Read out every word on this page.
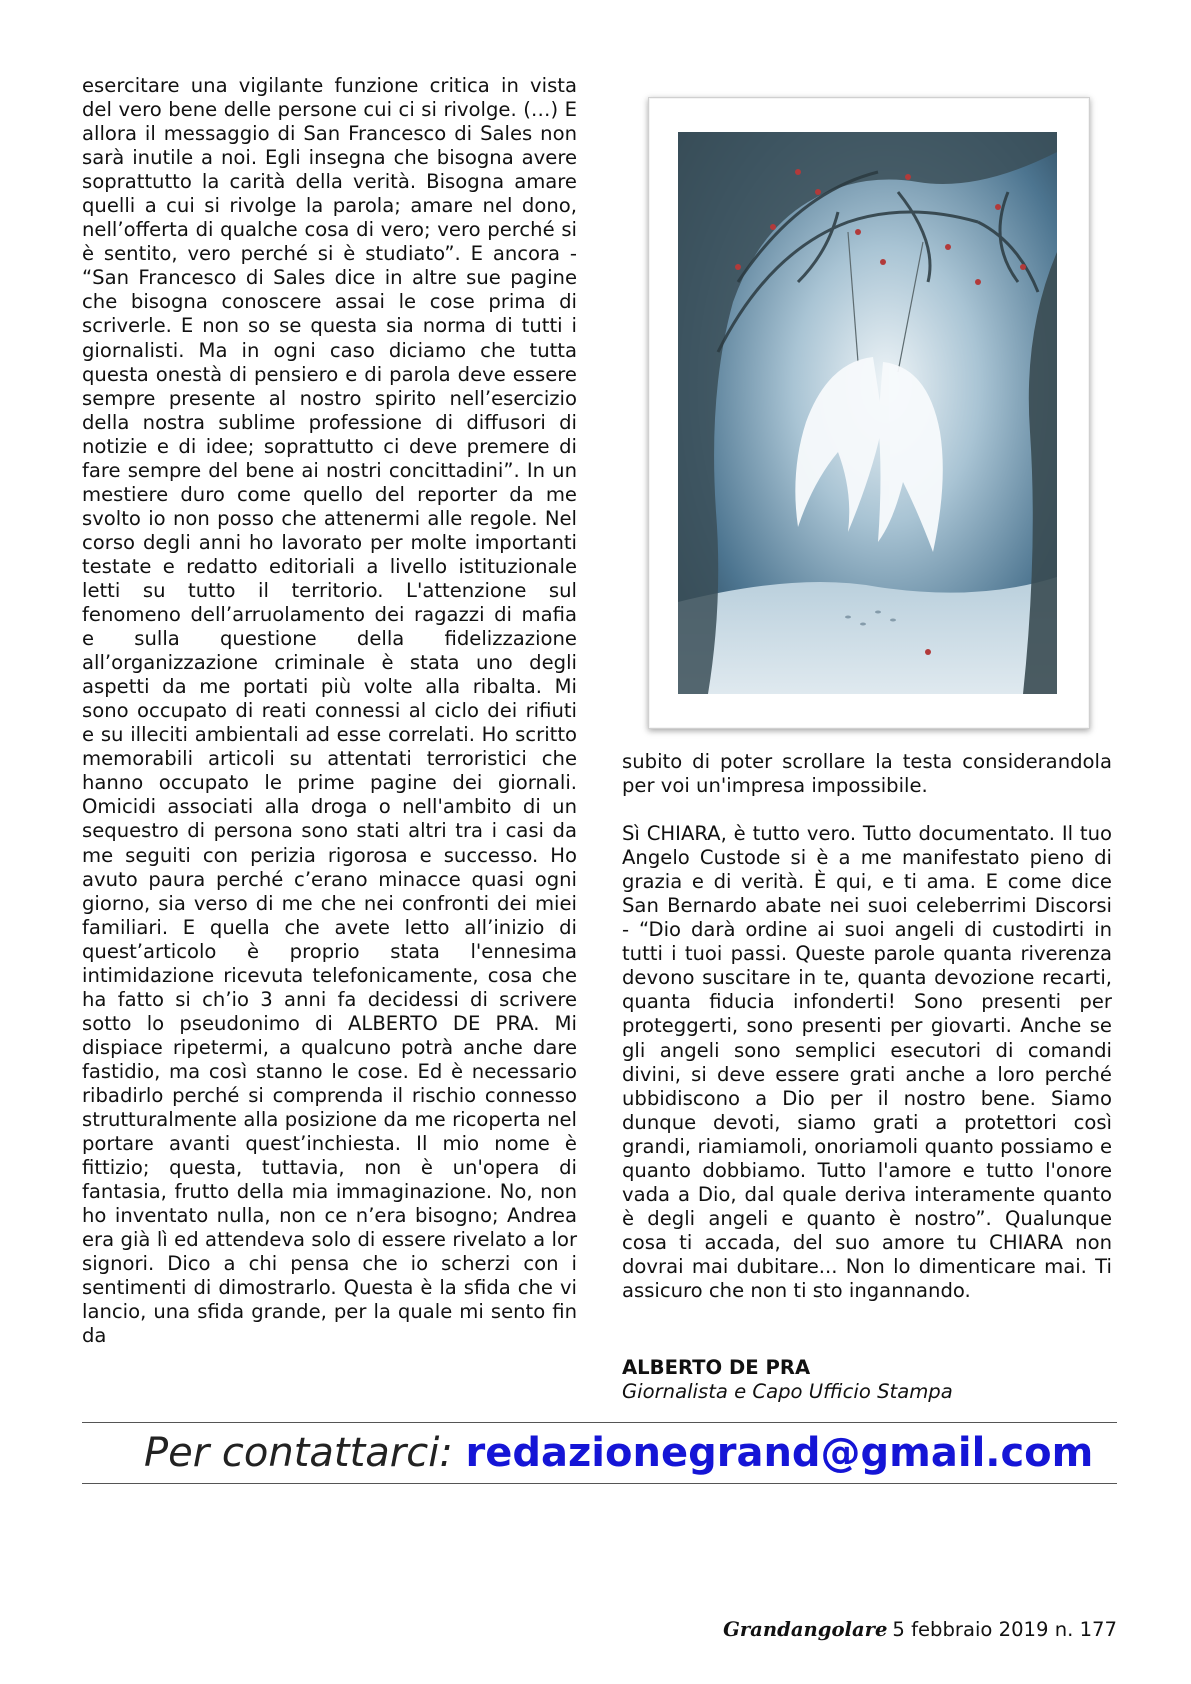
esercitare una vigilante funzione critica in vista del vero bene delle persone cui ci si rivolge. (…) E allora il messaggio di San Francesco di Sales non sarà inutile a noi. Egli insegna che bisogna avere soprattutto la carità della verità. Bisogna amare quelli a cui si rivolge la parola; amare nel dono, nell’offerta di qualche cosa di vero; vero perché si è sentito, vero perché si è studiato”. E ancora - “San Francesco di Sales dice in altre sue pagine che bisogna conoscere assai le cose prima di scriverle. E non so se questa sia norma di tutti i giornalisti. Ma in ogni caso diciamo che tutta questa onestà di pensiero e di parola deve essere sempre presente al nostro spirito nell’esercizio della nostra sublime professione di diffusori di notizie e di idee; soprattutto ci deve premere di fare sempre del bene ai nostri concittadini”. In un mestiere duro come quello del reporter da me svolto io non posso che attenermi alle regole. Nel corso degli anni ho lavorato per molte importanti testate e redatto editoriali a livello istituzionale letti su tutto il territorio. L'attenzione sul fenomeno dell’arruolamento dei ragazzi di mafia e sulla questione della fidelizzazione all’organizzazione criminale è stata uno degli aspetti da me portati più volte alla ribalta. Mi sono occupato di reati connessi al ciclo dei rifiuti e su illeciti ambientali ad esse correlati. Ho scritto memorabili articoli su attentati terroristici che hanno occupato le prime pagine dei giornali. Omicidi associati alla droga o nell'ambito di un sequestro di persona sono stati altri tra i casi da me seguiti con perizia rigorosa e successo. Ho avuto paura perché c’erano minacce quasi ogni giorno, sia verso di me che nei confronti dei miei familiari. E quella che avete letto all’inizio di quest’articolo è proprio stata l'ennesima intimidazione ricevuta telefonicamente, cosa che ha fatto si ch’io 3 anni fa decidessi di scrivere sotto lo pseudonimo di ALBERTO DE PRA. Mi dispiace ripetermi, a qualcuno potrà anche dare fastidio, ma così stanno le cose. Ed è necessario ribadirlo perché si comprenda il rischio connesso strutturalmente alla posizione da me ricoperta nel portare avanti quest’inchiesta. Il mio nome è fittizio; questa, tuttavia, non è un'opera di fantasia, frutto della mia immaginazione. No, non ho inventato nulla, non ce n’era bisogno; Andrea era già lì ed attendeva solo di essere rivelato a lor signori. Dico a chi pensa che io scherzi con i sentimenti di dimostrarlo. Questa è la sfida che vi lancio, una sfida grande, per la quale mi sento fin da

subito di poter scrollare la testa considerandola per voi un'impresa impossibile.

Sì CHIARA, è tutto vero. Tutto documentato. Il tuo Angelo Custode si è a me manifestato pieno di grazia e di verità. È qui, e ti ama. E come dice San Bernardo abate nei suoi celeberrimi Discorsi - “Dio darà ordine ai suoi angeli di custodirti in tutti i tuoi passi. Queste parole quanta riverenza devono suscitare in te, quanta devozione recarti, quanta fiducia infonderti! Sono presenti per proteggerti, sono presenti per giovarti. Anche se gli angeli sono semplici esecutori di comandi divini, si deve essere grati anche a loro perché ubbidiscono a Dio per il nostro bene. Siamo dunque devoti, siamo grati a protettori così grandi, riamiamoli, onoriamoli quanto possiamo e quanto dobbiamo. Tutto l'amore e tutto l'onore vada a Dio, dal quale deriva interamente quanto è degli angeli e quanto è nostro”. Qualunque cosa ti accada, del suo amore tu CHIARA non dovrai mai dubitare... Non lo dimenticare mai. Ti assicuro che non ti sto ingannando.

ALBERTO DE PRA
Giornalista e Capo Ufficio Stampa
Per contattarci: redazionegrand@gmail.com
Grandangolare 5 febbraio 2019 n. 177
